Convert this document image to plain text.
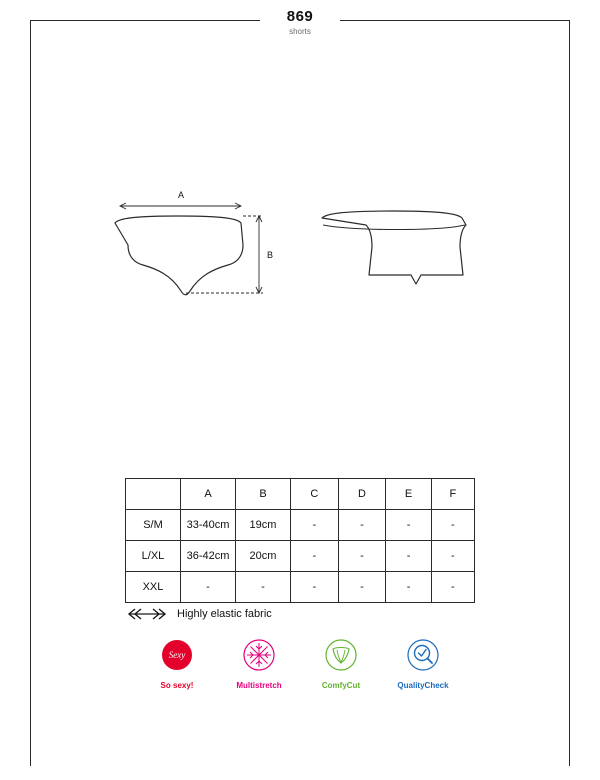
869
shorts
A
B
	A	B	C	D	E	F
S/M	33-40cm	19cm	-	-	-	-
L/XL	36-42cm	20cm	-	-	-	-
XXL	-	-	-	-	-	-
Highly elastic fabric
Sexy
So sexy!	Multistretch	ComfyCut	QualityCheck
